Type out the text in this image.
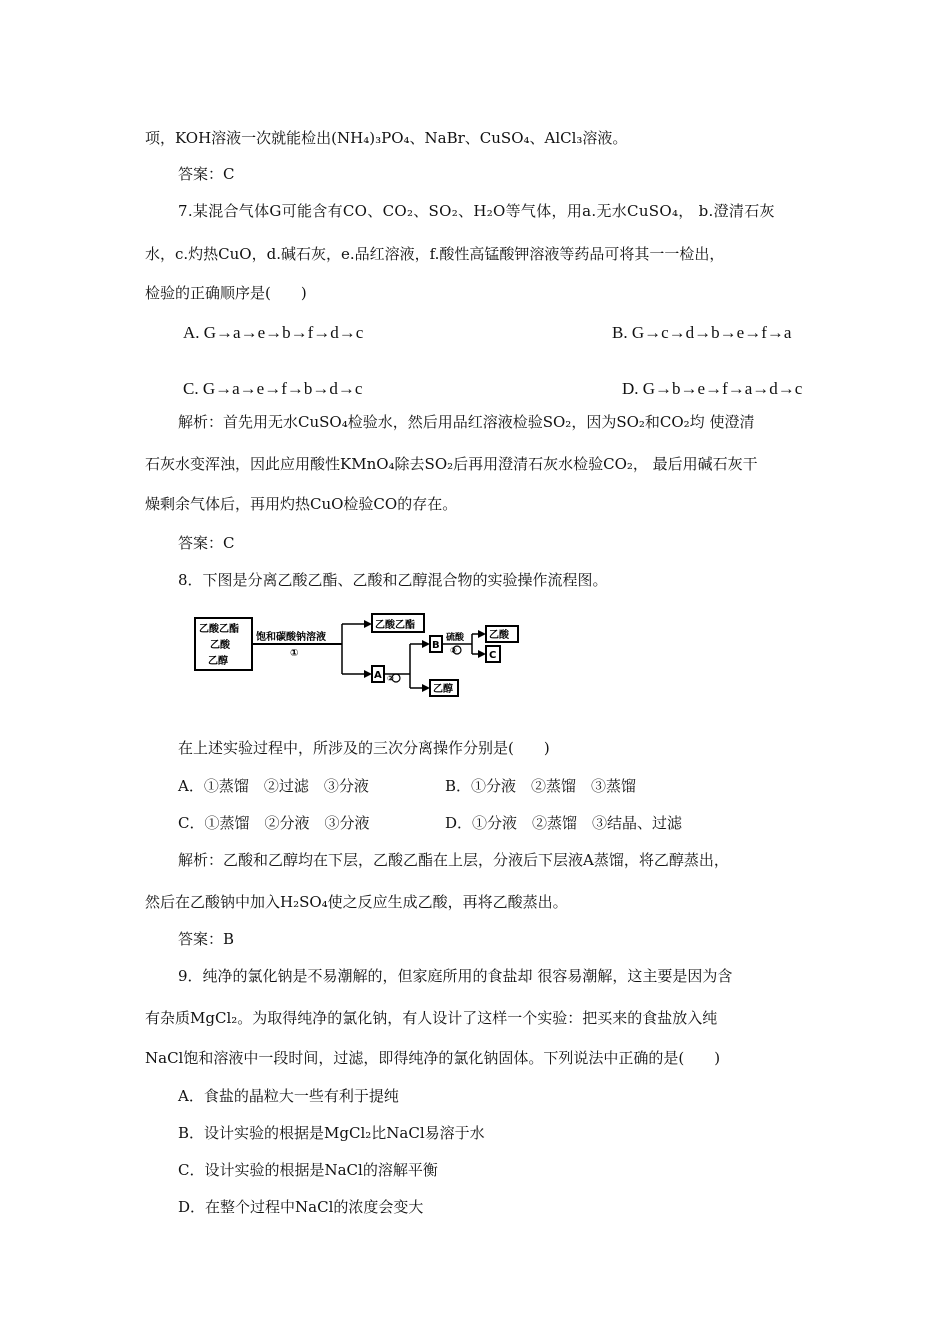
项，KOH溶液一次就能检出(NH₄)₃PO₄、NaBr、CuSO₄、AlCl₃溶液。
答案：C
7.某混合气体G可能含有CO、CO₂、SO₂、H₂O等气体，用a.无水CuSO₄， b.澄清石灰
水，c.灼热CuO，d.碱石灰，e.品红溶液，f.酸性高锰酸钾溶液等药品可将其一一检出，
检验的正确顺序是(　　)
A. G→a→e→b→f→d→c	B. G→c→d→b→e→f→a
C. G→a→e→f→b→d→c	D. G→b→e→f→a→d→c
解析：首先用无水CuSO₄检验水，然后用品红溶液检验SO₂，因为SO₂和CO₂均 使澄清
石灰水变浑浊，因此应用酸性KMnO₄除去SO₂后再用澄清石灰水检验CO₂， 最后用碱石灰干
燥剩余气体后，再用灼热CuO检验CO的存在。
答案：C
8．下图是分离乙酸乙酯、乙酸和乙醇混合物的实验操作流程图。
乙酸乙酯
乙酸
乙醇
饱和碳酸钠溶液
①
乙酸乙酯
A ②
B
硫酸
③
乙酸
C
乙醇
在上述实验过程中，所涉及的三次分离操作分别是(　　)
A．①蒸馏　②过滤　③分液	B．①分液　②蒸馏　③蒸馏
C．①蒸馏　②分液　③分液	D．①分液　②蒸馏　③结晶、过滤
解析：乙酸和乙醇均在下层，乙酸乙酯在上层，分液后下层液A蒸馏，将乙醇蒸出，
然后在乙酸钠中加入H₂SO₄使之反应生成乙酸，再将乙酸蒸出。
答案：B
9．纯净的氯化钠是不易潮解的，但家庭所用的食盐却 很容易潮解，这主要是因为含
有杂质MgCl₂。为取得纯净的氯化钠，有人设计了这样一个实验：把买来的食盐放入纯
NaCl饱和溶液中一段时间，过滤，即得纯净的氯化钠固体。下列说法中正确的是(　　)
A．食盐的晶粒大一些有利于提纯
B．设计实验的根据是MgCl₂比NaCl易溶于水
C．设计实验的根据是NaCl的溶解平衡
D．在整个过程中NaCl的浓度会变大
